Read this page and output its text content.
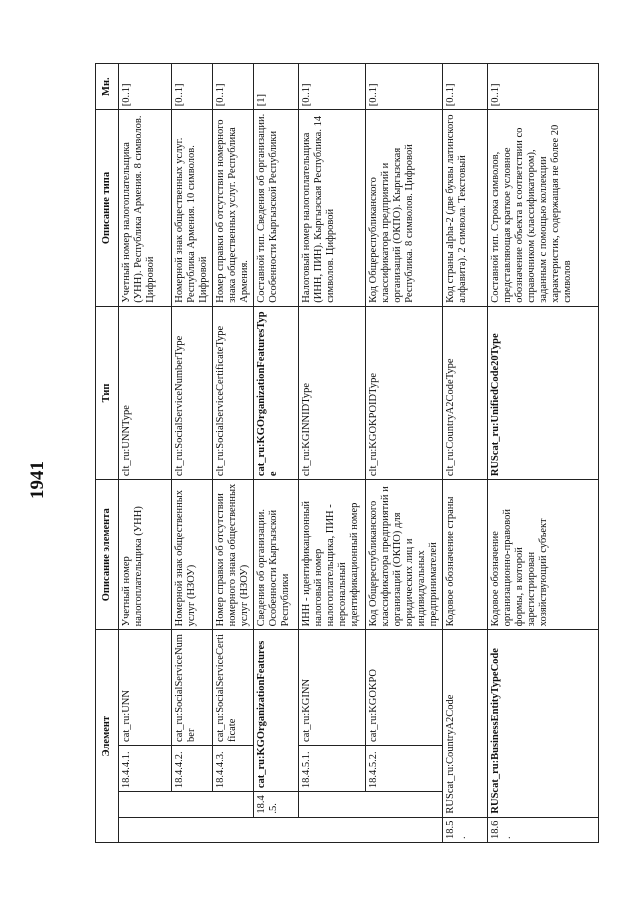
1941
Элемент				Описание элемента	Тип	Описание типа	Мн.
		18.4.4.1.	cat_ru:UNN	Учетный номер налогоплательщика (УНН)	clt_ru:UNNType	Учетный номер налогоплательщика (УНН). Республика Армения. 8 символов. Цифровой	[0..1]
		18.4.4.2.	cat_ru:SocialServiceNumber	Номерной знак общественных услуг (НЗОУ)	clt_ru:SocialServiceNumberType	Номерной знак общественных услуг. Республика Армения. 10 символов. Цифровой	[0..1]
		18.4.4.3.	cat_ru:SocialServiceCertificate	Номер справки об отсутствии номерного знака общественных услуг (НЗОУ)	clt_ru:SocialServiceCertificateType	Номер справки об отсутствии номерного знака общественных услуг. Республика Армения.	[0..1]
	18.4.5.	cat_ru:KGOrganizationFeatures		Сведения об организации. Особенности Кыргызской Республики	cat_ru:KGOrganizationFeaturesType	Составной тип. Сведения об организации. Особенности Кыргызской Республики	[1]
		18.4.5.1.	cat_ru:KGINN	ИНН - идентификационный налоговый номер налогоплательщика, ПИН - персональный идентификационный номер	clt_ru:KGINNIDType	Налоговый номер налогоплательщика (ИНН, ПИН). Кыргызская Республика. 14 символов. Цифровой	[0..1]
		18.4.5.2.	cat_ru:KGOKPO	Код Общереспубликанского классификатора предприятий и организаций (ОКПО) для юридических лиц и индивидуальных предпринимателей	clt_ru:KGOKPOIDType	Код Общереспубликанского классификатора предприятий и организаций (ОКПО). Кыргызская Республика. 8 символов. Цифровой	[0..1]
18.5.	RUScat_ru:CountryA2Code			Кодовое обозначение страны	clt_ru:CountryA2CodeType	Код страны alpha-2 (две буквы латинского алфавита). 2 символа. Текстовый	[0..1]
18.6.	RUScat_ru:BusinessEntityTypeCode			Кодовое обозначение организационно-правовой формы, в которой зарегистрирован хозяйствующий субъект	RUScat_ru:UnifiedCode20Type	Составной тип. Строка символов, представляющая краткое условное обозначение объекта в соответствии со справочником (классификатором), заданным с помощью коллекции характеристик, содержащая не более 20 символов	[0..1]
